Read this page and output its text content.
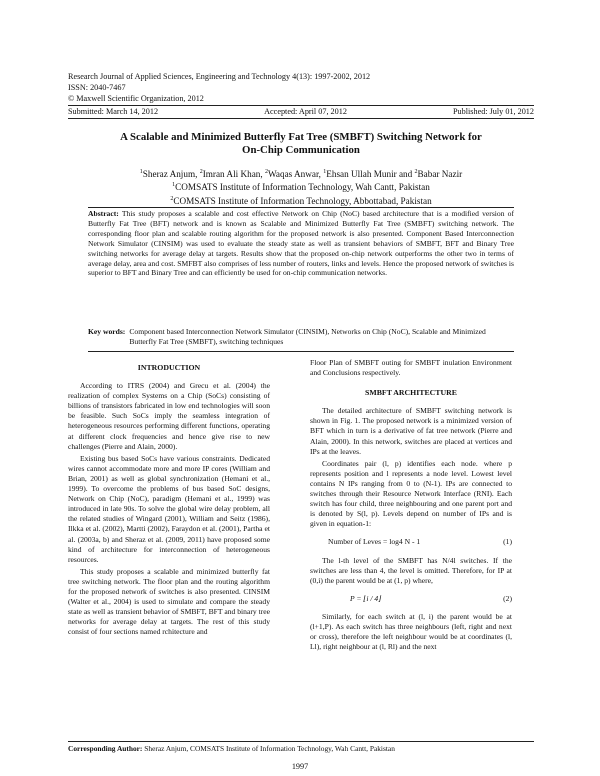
Research Journal of Applied Sciences, Engineering and Technology 4(13): 1997-2002, 2012
ISSN: 2040-7467
© Maxwell Scientific Organization, 2012
Submitted: March 14, 2012	Accepted: April 07, 2012	Published: July 01, 2012
A Scalable and Minimized Butterfly Fat Tree (SMBFT) Switching Network for
On-Chip Communication
$^1$Sheraz Anjum, $^2$Imran Ali Khan, $^2$Waqas Anwar, $^1$Ehsan Ullah Munir and $^2$Babar Nazir
$^1$COMSATS Institute of Information Technology, Wah Cantt, Pakistan
$^2$COMSATS Institute of Information Technology, Abbottabad, Pakistan
Abstract: This study proposes a scalable and cost effective Network on Chip (NoC) based architecture that is a modified version of Butterfly Fat Tree (BFT) network and is known as Scalable and Minimized Butterfly Fat Tree (SMBFT) switching network. The corresponding floor plan and scalable routing algorithm for the proposed network is also presented. Component Based Interconnection Network Simulator (CINSIM) was used to evaluate the steady state as well as transient behaviors of SMBFT, BFT and Binary Tree switching networks for average delay at targets. Results show that the proposed on-chip network outperforms the other two in terms of average delay, area and cost. SMFBT also comprises of less number of routers, links and levels. Hence the proposed network of switches is superior to BFT and Binary Tree and can efficiently be used for on-chip communication networks.
Key words: Component based Interconnection Network Simulator (CINSIM), Networks on Chip (NoC), Scalable and Minimized Butterfly Fat Tree (SMBFT), switching techniques
INTRODUCTION

According to ITRS (2004) and Grecu et al. (2004) the realization of complex Systems on a Chip (SoCs) consisting of billions of transistors fabricated in low end technologies will soon be feasible. Such SoCs imply the seamless integration of heterogeneous resources performing different functions, operating at different clock frequencies and hence give rise to new challenges (Pierre and Alain, 2000).

Existing bus based SoCs have various constraints. Dedicated wires cannot accommodate more and more IP cores (William and Brian, 2001) as well as global synchronization (Hemani et al., 1999). To overcome the problems of bus based SoC designs, Network on Chip (NoC), paradigm (Hemani et al., 1999) was introduced in late 90s. To solve the global wire delay problem, all the related studies of Wingard (2001), William and Seitz (1986), Ilkka et al. (2002), Martti (2002), Faraydon et al. (2001), Partha et al. (2003a, b) and Sheraz et al. (2009, 2011) have proposed some kind of architecture for interconnection of heterogeneous resources.

This study proposes a scalable and minimized butterfly fat tree switching network. The floor plan and the routing algorithm for the proposed network of switches is also presented. CINSIM (Walter et al., 2004) is used to simulate and compare the steady state as well as transient behavior of SMBFT, BFT and binary tree networks for average delay at targets. The rest of this study consist of four sections named rchitecture and

Floor Plan of SMBFT outing for SMBFT inulation Environment and Conclusions respectively.

SMBFT ARCHITECTURE

The detailed architecture of SMBFT switching network is shown in Fig. 1. The proposed network is a minimized version of BFT which in turn is a derivative of fat tree network (Pierre and Alain, 2000). In this network, switches are placed at vertices and IPs at the leaves.

Coordinates pair (l, p) identifies each node. where p represents position and l represents a node level. Lowest level contains N IPs ranging from 0 to (N-1). IPs are connected to switches through their Resource Network Interface (RNI). Each switch has four child, three neighbouring and one parent port and is denoted by S(l, p). Levels depend on number of IPs and is given in equation-1:

Number of Leves = log4 N - 1	(1)

The l-th level of the SMBFT has N/4l switches. If the switches are less than 4, the level is omitted. Therefore, for IP at (0,i) the parent would be at (1, p) where,

P = ⌊i / 4⌋	(2)

Similarly, for each switch at (l, i) the parent would be at (l+1,P). As each switch has three neighbours (left, right and next or cross), therefore the left neighbour would be at coordinates (l, Ll), right neighbour at (l, Rl) and the next

Corresponding Author: Sheraz Anjum, COMSATS Institute of Information Technology, Wah Cantt, Pakistan
1997
